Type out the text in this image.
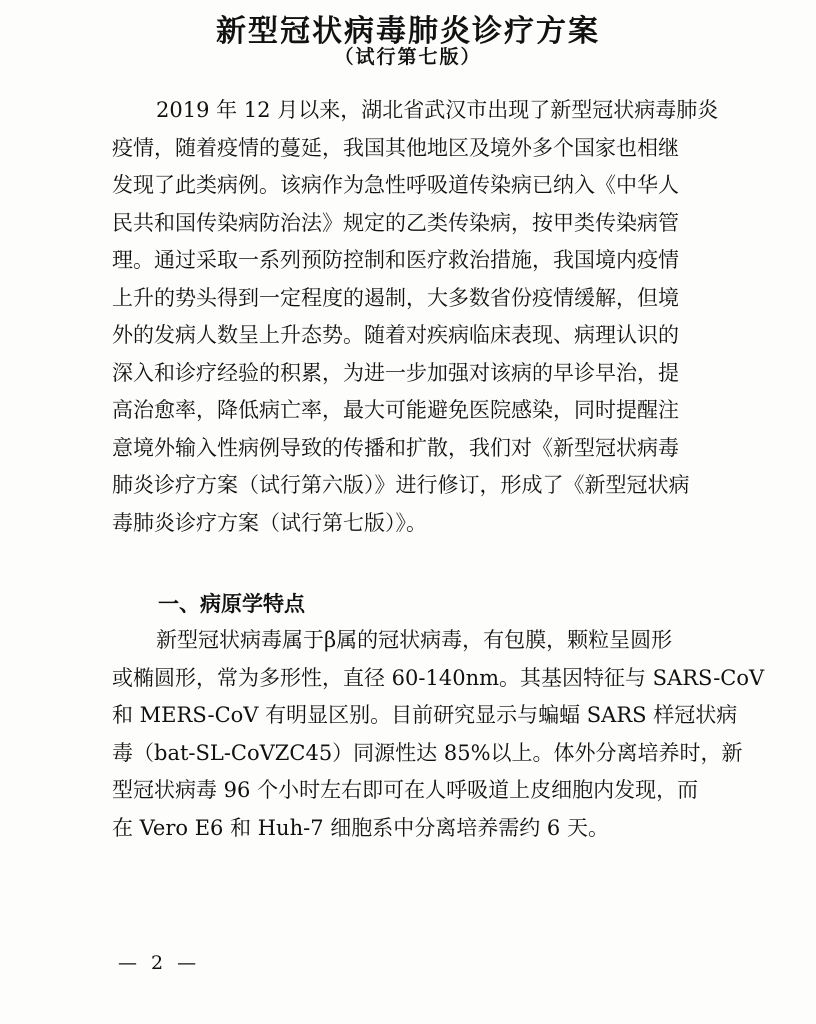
新型冠状病毒肺炎诊疗方案
（试行第七版）
2019 年 12 月以来，湖北省武汉市出现了新型冠状病毒肺炎
疫情，随着疫情的蔓延，我国其他地区及境外多个国家也相继
发现了此类病例。该病作为急性呼吸道传染病已纳入《中华人
民共和国传染病防治法》规定的乙类传染病，按甲类传染病管
理。通过采取一系列预防控制和医疗救治措施，我国境内疫情
上升的势头得到一定程度的遏制，大多数省份疫情缓解，但境
外的发病人数呈上升态势。随着对疾病临床表现、病理认识的
深入和诊疗经验的积累，为进一步加强对该病的早诊早治，提
高治愈率，降低病亡率，最大可能避免医院感染，同时提醒注
意境外输入性病例导致的传播和扩散，我们对《新型冠状病毒
肺炎诊疗方案（试行第六版）》进行修订，形成了《新型冠状病
毒肺炎诊疗方案（试行第七版）》。
一、病原学特点
新型冠状病毒属于β属的冠状病毒，有包膜，颗粒呈圆形
或椭圆形，常为多形性，直径 60-140nm。其基因特征与 SARS-CoV
和 MERS-CoV 有明显区别。目前研究显示与蝙蝠 SARS 样冠状病
毒（bat-SL-CoVZC45）同源性达 85%以上。体外分离培养时，新
型冠状病毒 96 个小时左右即可在人呼吸道上皮细胞内发现，而
在 Vero E6 和 Huh-7 细胞系中分离培养需约 6 天。
— 2 —
